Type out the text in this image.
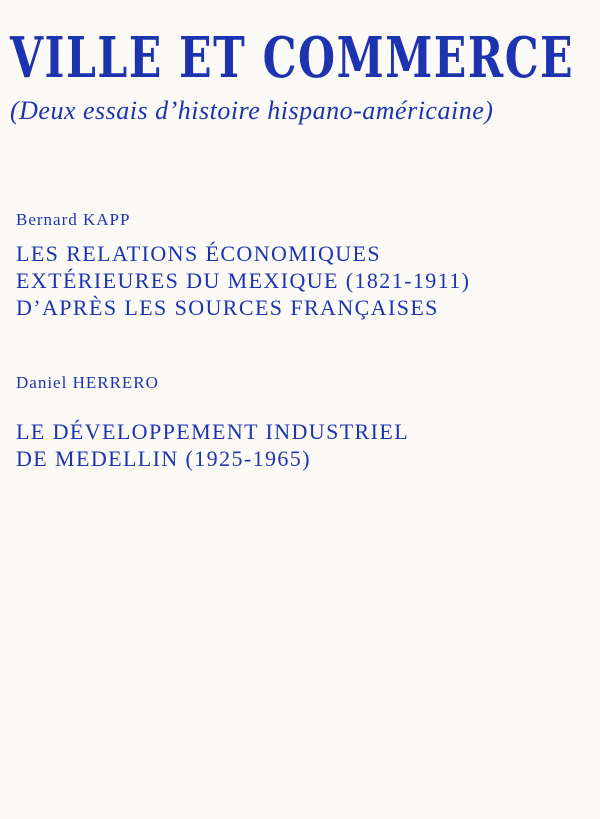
VILLE ET COMMERCE

(Deux essais d’histoire hispano-américaine)

Bernard KAPP

LES RELATIONS ÉCONOMIQUES
EXTÉRIEURES DU MEXIQUE (1821-1911)
D’APRÈS LES SOURCES FRANÇAISES

Daniel HERRERO

LE DÉVELOPPEMENT INDUSTRIEL
DE MEDELLIN (1925-1965)
